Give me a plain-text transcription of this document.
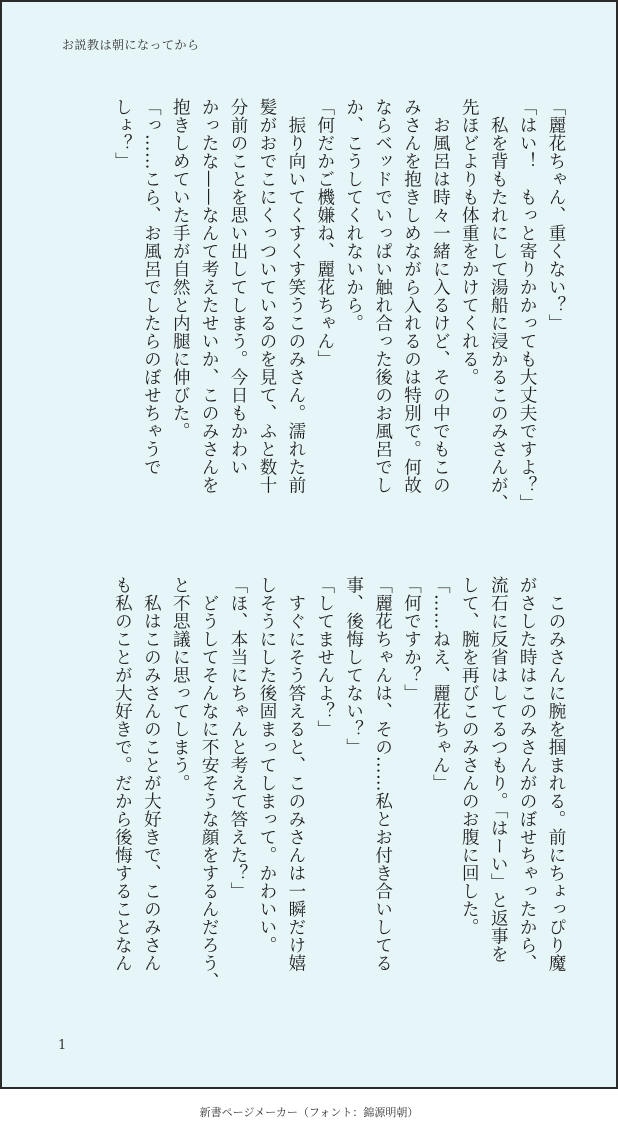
お説教は朝になってから
「麗花ちゃん、重くない？」
「はい！　もっと寄りかかっても大丈夫ですよ？」
　私を背もたれにして湯船に浸かるこのみさんが、
先ほどよりも体重をかけてくれる。
　お風呂は時々一緒に入るけど、その中でもこの
みさんを抱きしめながら入れるのは特別で。何故
ならベッドでいっぱい触れ合った後のお風呂でし
か、こうしてくれないから。
「何だかご機嫌ね、麗花ちゃん」
　振り向いてくすくす笑うこのみさん。濡れた前
髪がおでこにくっついているのを見て、ふと数十
分前のことを思い出してしまう。今日もかわい
かったな——なんて考えたせいか、このみさんを
抱きしめていた手が自然と内腿に伸びた。
「っ……こら、お風呂でしたらのぼせちゃうで
しょ？」
　このみさんに腕を掴まれる。前にちょっぴり魔
がさした時はこのみさんがのぼせちゃったから、
流石に反省はしてるつもり。「はーい」と返事を
して、腕を再びこのみさんのお腹に回した。
「……ねえ、麗花ちゃん」
「何ですか？」
「麗花ちゃんは、その……私とお付き合いしてる
事、後悔してない？」
「してませんよ？」
　すぐにそう答えると、このみさんは一瞬だけ嬉
しそうにした後固まってしまって。かわいい。
「ほ、本当にちゃんと考えて答えた？」
　どうしてそんなに不安そうな顔をするんだろう、
と不思議に思ってしまう。
　私はこのみさんのことが大好きで、このみさん
も私のことが大好きで。だから後悔することなん
1
新書ページメーカー（フォント：錦源明朝）
